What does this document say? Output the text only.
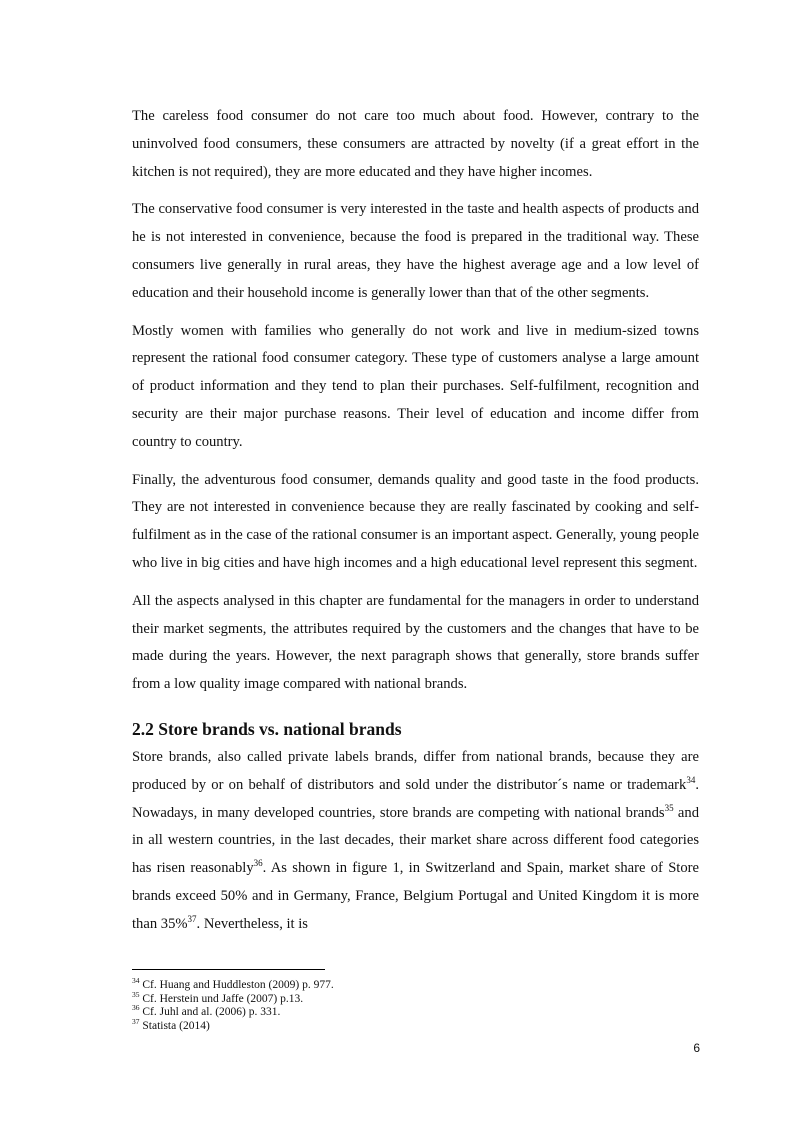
The careless food consumer do not care too much about food. However, contrary to the uninvolved food consumers, these consumers are attracted by novelty (if a great effort in the kitchen is not required), they are more educated and they have higher incomes.

The conservative food consumer is very interested in the taste and health aspects of products and he is not interested in convenience, because the food is prepared in the traditional way. These consumers live generally in rural areas, they have the highest average age and a low level of education and their household income is generally lower than that of the other segments.

Mostly women with families who generally do not work and live in medium-sized towns represent the rational food consumer category. These type of customers analyse a large amount of product information and they tend to plan their purchases. Self-fulfilment, recognition and security are their major purchase reasons. Their level of education and income differ from country to country.

Finally, the adventurous food consumer, demands quality and good taste in the food products. They are not interested in convenience because they are really fascinated by cooking and self-fulfilment as in the case of the rational consumer is an important aspect. Generally, young people who live in big cities and have high incomes and a high educational level represent this segment.

All the aspects analysed in this chapter are fundamental for the managers in order to understand their market segments, the attributes required by the customers and the changes that have to be made during the years. However, the next paragraph shows that generally, store brands suffer from a low quality image compared with national brands.

2.2 Store brands vs. national brands

Store brands, also called private labels brands, differ from national brands, because they are produced by or on behalf of distributors and sold under the distributor´s name or trademark$^{34}$. Nowadays, in many developed countries, store brands are competing with national brands$^{35}$ and in all western countries, in the last decades, their market share across different food categories has risen reasonably$^{36}$. As shown in figure 1, in Switzerland and Spain, market share of Store brands exceed 50% and in Germany, France, Belgium Portugal and United Kingdom it is more than 35%$^{37}$. Nevertheless, it is

$^{34}$ Cf. Huang and Huddleston (2009) p. 977.

$^{35}$ Cf. Herstein und Jaffe (2007) p.13.

$^{36}$ Cf. Juhl and al. (2006) p. 331.

$^{37}$ Statista (2014)

6
